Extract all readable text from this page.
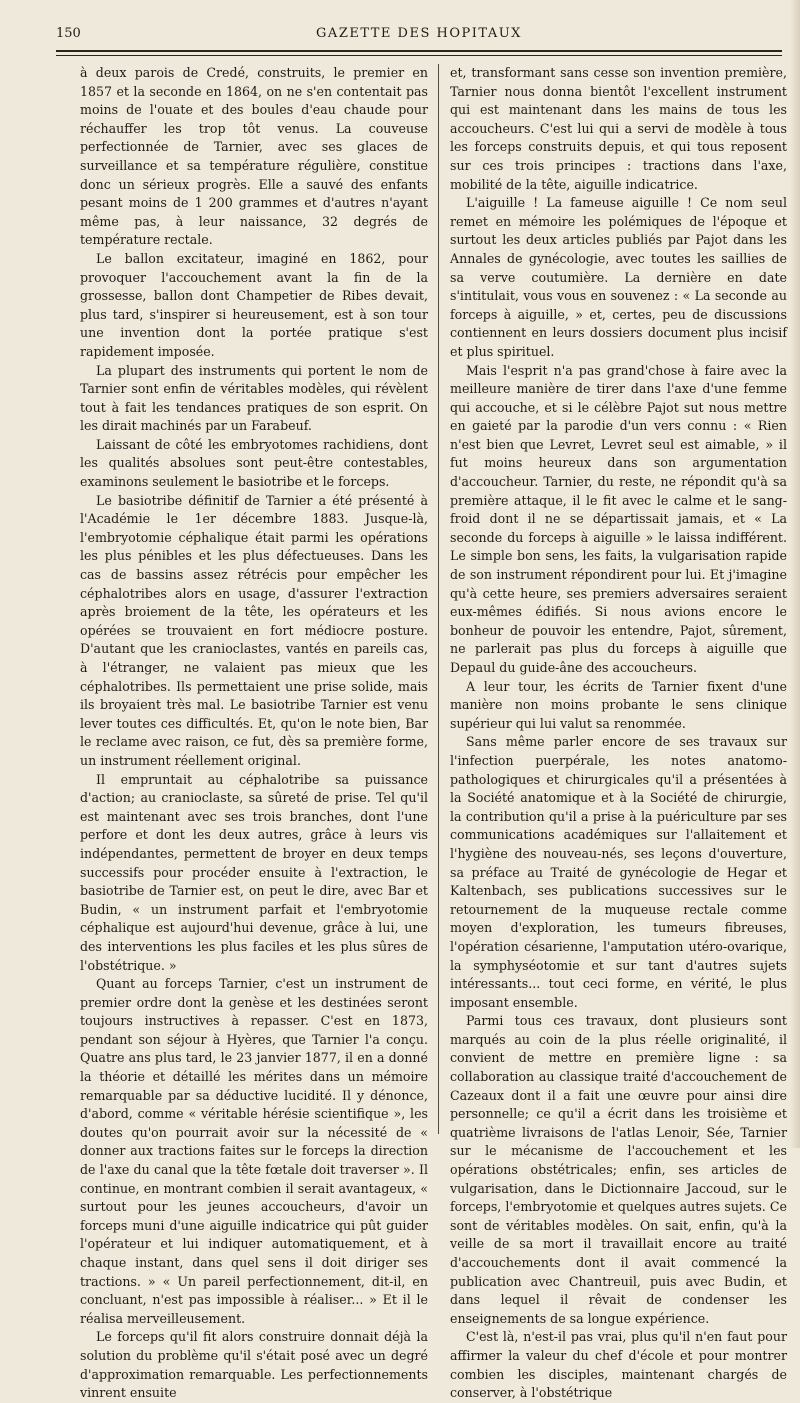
150	GAZETTE DES HOPITAUX

à deux parois de Credé, construits, le premier en 1857 et la seconde en 1864, on ne s'en contentait pas moins de l'ouate et des boules d'eau chaude pour réchauffer les trop tôt venus. La couveuse perfectionnée de Tarnier, avec ses glaces de surveillance et sa température régulière, constitue donc un sérieux progrès. Elle a sauvé des enfants pesant moins de 1 200 grammes et d'autres n'ayant même pas, à leur naissance, 32 degrés de température rectale.

Le ballon excitateur, imaginé en 1862, pour provoquer l'accouchement avant la fin de la grossesse, ballon dont Champetier de Ribes devait, plus tard, s'inspirer si heureusement, est à son tour une invention dont la portée pratique s'est rapidement imposée.

La plupart des instruments qui portent le nom de Tarnier sont enfin de véritables modèles, qui révèlent tout à fait les tendances pratiques de son esprit. On les dirait machinés par un Farabeuf.

Laissant de côté les embryotomes rachidiens, dont les qualités absolues sont peut-être contestables, examinons seulement le basiotribe et le forceps.

Le basiotribe définitif de Tarnier a été présenté à l'Académie le 1er décembre 1883. Jusque-là, l'embryotomie céphalique était parmi les opérations les plus pénibles et les plus défectueuses. Dans les cas de bassins assez rétrécis pour empêcher les céphalotribes alors en usage, d'assurer l'extraction après broiement de la tête, les opérateurs et les opérées se trouvaient en fort médiocre posture. D'autant que les cranioclastes, vantés en pareils cas, à l'étranger, ne valaient pas mieux que les céphalotribes. Ils permettaient une prise solide, mais ils broyaient très mal. Le basiotribe Tarnier est venu lever toutes ces difficultés. Et, qu'on le note bien, Bar le reclame avec raison, ce fut, dès sa première forme, un instrument réellement original.

Il empruntait au céphalotribe sa puissance d'action; au cranioclaste, sa sûreté de prise. Tel qu'il est maintenant avec ses trois branches, dont l'une perfore et dont les deux autres, grâce à leurs vis indépendantes, permettent de broyer en deux temps successifs pour procéder ensuite à l'extraction, le basiotribe de Tarnier est, on peut le dire, avec Bar et Budin, « un instrument parfait et l'embryotomie céphalique est aujourd'hui devenue, grâce à lui, une des interventions les plus faciles et les plus sûres de l'obstétrique. »

Quant au forceps Tarnier, c'est un instrument de premier ordre dont la genèse et les destinées seront toujours instructives à repasser. C'est en 1873, pendant son séjour à Hyères, que Tarnier l'a conçu. Quatre ans plus tard, le 23 janvier 1877, il en a donné la théorie et détaillé les mérites dans un mémoire remarquable par sa déductive lucidité. Il y dénonce, d'abord, comme « véritable hérésie scientifique », les doutes qu'on pourrait avoir sur la nécessité de « donner aux tractions faites sur le forceps la direction de l'axe du canal que la tête fœtale doit traverser ». Il continue, en montrant combien il serait avantageux, « surtout pour les jeunes accoucheurs, d'avoir un forceps muni d'une aiguille indicatrice qui pût guider l'opérateur et lui indiquer automatiquement, et à chaque instant, dans quel sens il doit diriger ses tractions. » « Un pareil perfectionnement, dit-il, en concluant, n'est pas impossible à réaliser... » Et il le réalisa merveilleusement.

Le forceps qu'il fit alors construire donnait déjà la solution du problème qu'il s'était posé avec un degré d'approximation remarquable. Les perfectionnements vinrent ensuite

et, transformant sans cesse son invention première, Tarnier nous donna bientôt l'excellent instrument qui est maintenant dans les mains de tous les accoucheurs. C'est lui qui a servi de modèle à tous les forceps construits depuis, et qui tous reposent sur ces trois principes : tractions dans l'axe, mobilité de la tête, aiguille indicatrice.

L'aiguille ! La fameuse aiguille ! Ce nom seul remet en mémoire les polémiques de l'époque et surtout les deux articles publiés par Pajot dans les Annales de gynécologie, avec toutes les saillies de sa verve coutumière. La dernière en date s'intitulait, vous vous en souvenez : « La seconde au forceps à aiguille, » et, certes, peu de discussions contiennent en leurs dossiers document plus incisif et plus spirituel.

Mais l'esprit n'a pas grand'chose à faire avec la meilleure manière de tirer dans l'axe d'une femme qui accouche, et si le célèbre Pajot sut nous mettre en gaieté par la parodie d'un vers connu : « Rien n'est bien que Levret, Levret seul est aimable, » il fut moins heureux dans son argumentation d'accoucheur. Tarnier, du reste, ne répondit qu'à sa première attaque, il le fit avec le calme et le sang-froid dont il ne se départissait jamais, et « La seconde du forceps à aiguille » le laissa indifférent. Le simple bon sens, les faits, la vulgarisation rapide de son instrument répondirent pour lui. Et j'imagine qu'à cette heure, ses premiers adversaires seraient eux-mêmes édifiés. Si nous avions encore le bonheur de pouvoir les entendre, Pajot, sûrement, ne parlerait pas plus du forceps à aiguille que Depaul du guide-âne des accoucheurs.

A leur tour, les écrits de Tarnier fixent d'une manière non moins probante le sens clinique supérieur qui lui valut sa renommée.

Sans même parler encore de ses travaux sur l'infection puerpérale, les notes anatomo-pathologiques et chirurgicales qu'il a présentées à la Société anatomique et à la Société de chirurgie, la contribution qu'il a prise à la puériculture par ses communications académiques sur l'allaitement et l'hygiène des nouveau-nés, ses leçons d'ouverture, sa préface au Traité de gynécologie de Hegar et Kaltenbach, ses publications successives sur le retournement de la muqueuse rectale comme moyen d'exploration, les tumeurs fibreuses, l'opération césarienne, l'amputation utéro-ovarique, la symphyséotomie et sur tant d'autres sujets intéressants... tout ceci forme, en vérité, le plus imposant ensemble.

Parmi tous ces travaux, dont plusieurs sont marqués au coin de la plus réelle originalité, il convient de mettre en première ligne : sa collaboration au classique traité d'accouchement de Cazeaux dont il a fait une œuvre pour ainsi dire personnelle; ce qu'il a écrit dans les troisième et quatrième livraisons de l'atlas Lenoir, Sée, Tarnier sur le mécanisme de l'accouchement et les opérations obstétricales; enfin, ses articles de vulgarisation, dans le Dictionnaire Jaccoud, sur le forceps, l'embryotomie et quelques autres sujets. Ce sont de véritables modèles. On sait, enfin, qu'à la veille de sa mort il travaillait encore au traité d'accouchements dont il avait commencé la publication avec Chantreuil, puis avec Budin, et dans lequel il rêvait de condenser les enseignements de sa longue expérience.

C'est là, n'est-il pas vrai, plus qu'il n'en faut pour affirmer la valeur du chef d'école et pour montrer combien les disciples, maintenant chargés de conserver, à l'obstétrique
